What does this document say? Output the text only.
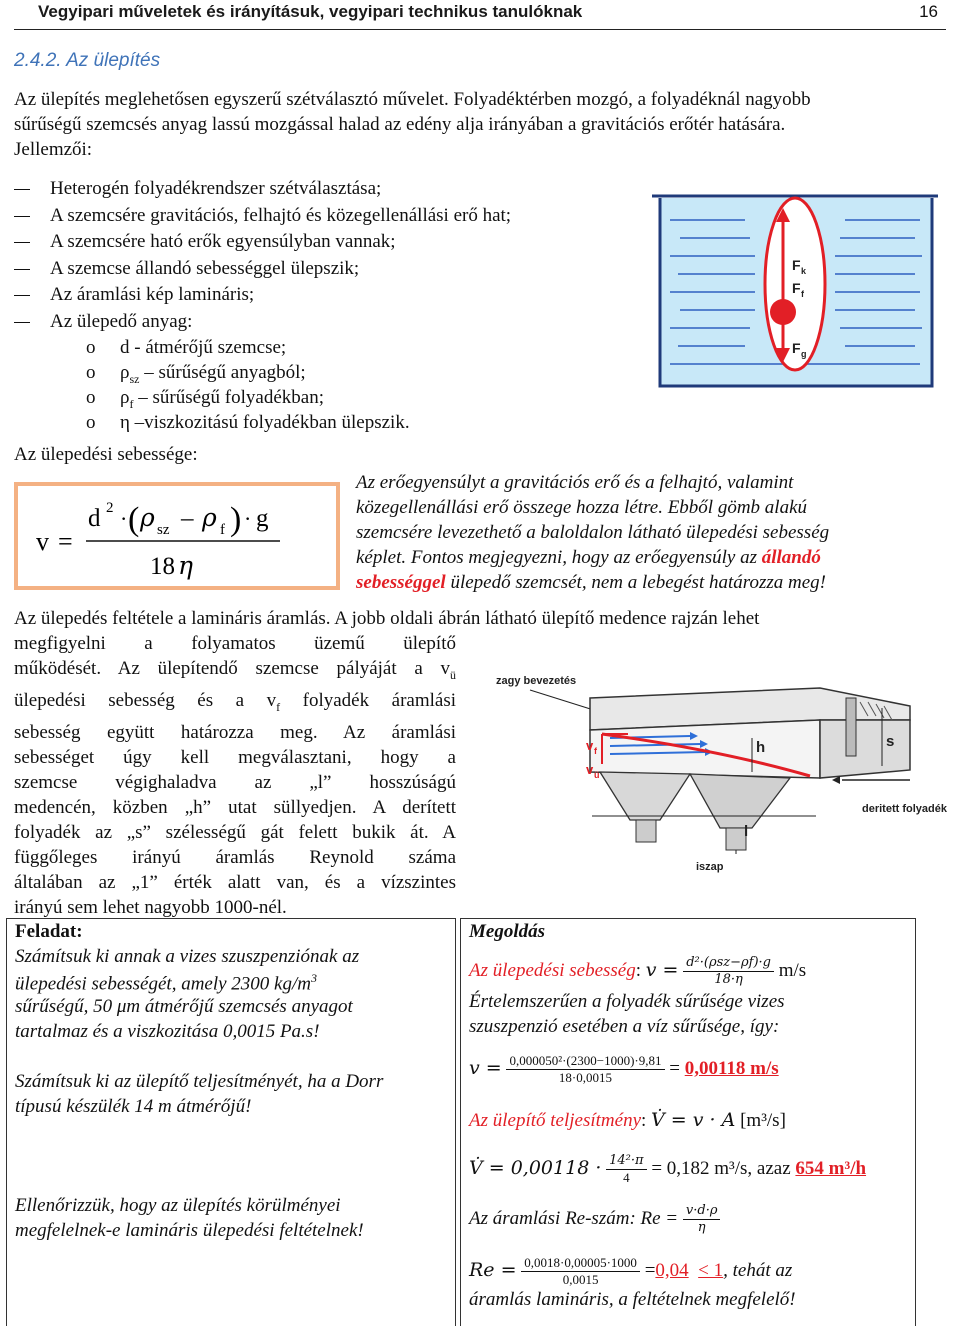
Vegyipari műveletek és irányításuk, vegyipari technikus tanulóknak	16
2.4.2. Az ülepítés
Az ülepítés meglehetősen egyszerű szétválasztó művelet. Folyadéktérben mozgó, a folyadéknál nagyobb
sűrűségű szemcsés anyag lassú mozgással halad az edény alja irányában a gravitációs erőtér hatására.
Jellemzői:
Heterogén folyadékrendszer szétválasztása;
A szemcsére gravitációs, felhajtó és közegellenállási erő hat;
A szemcsére ható erők egyensúlyban vannak;
A szemcse állandó sebességgel ülepszik;
Az áramlási kép lamináris;
Az ülepedő anyag:
o d - átmérőjű szemcse;
o $\rho_{sz}$ – sűrűségű anyagból;
o $\rho_f$ – sűrűségű folyadékban;
o η –viszkozitású folyadékban ülepszik.
F k
F f
F g
Az ülepedési sebessége:
v =
d 2 · ( ρ sz – ρ f ) · g
18 η
Az erőegyensúlyt a gravitációs erő és a felhajtó, valamint
közegellenállási erő összege hozza létre. Ebből gömb alakú
szemcsére levezethető a baloldalon látható ülepedési sebesség
képlet. Fontos megjegyezni, hogy az erőegyensúly az állandó
sebességgel ülepedő szemcsét, nem a lebegést határozza meg!
Az ülepedés feltétele a lamináris áramlás. A jobb oldali ábrán látható ülepítő medence rajzán lehet
megfigyelni a folyamatos üzemű ülepítő
működését. Az ülepítendő szemcse pályáját a $v_ü$
ülepedési sebesség és a $v_f$ folyadék áramlási
sebesség együtt határozza meg. Az áramlási
sebességet úgy kell megválasztani, hogy a
szemcse végighaladva az „l” hosszúságú
medencén, közben „h” utat süllyedjen. A derített
folyadék az „s” szélességű gát felett bukik át. A
függőleges irányú áramlás Reynold száma
általában az „1” érték alatt van, és a vízszintes
irányú sem lehet nagyobb 1000-nél.
zagy bevezetés
l
h	s
v f
v ü
deritett folyadék
iszap
Feladat:
Számítsuk ki annak a vizes szuszpenziónak az
ülepedési sebességét, amely 2300 $kg/m^3$
sűrűségű, 50 μm átmérőjű szemcsés anyagot
tartalmaz és a viszkozitása 0,0015 Pa.s!
Számítsuk ki az ülepítő teljesítményét, ha a Dorr
típusú készülék 14 m átmérőjű!
Ellenőrizzük, hogy az ülepítés körülményei
megfelelnek-e lamináris ülepedési feltételnek!
Megoldás
Az ülepedési sebesség: $v = \frac{\text{d²·(ρsz−ρf)·g}}{18\cdot\eta} m/s$
Értelemszerűen a folyadék sűrűsége vizes
szuszpenzió esetében a víz sűrűsége, így:
$v = \frac{\text{0,000050²·(2300−1000)·9,81}}{18\cdot 0,0015} = 0,00118$ m/s
Az ülepítő teljesítmény: V̇ = v · A [m³/s]
V̇ = $0,00118 \cdot \frac{\text{14²·π}}{4} = 0,182$ m³/s, azaz 654 m³/h
Az áramlási Re-szám: $Re = \frac{v\cdot d\cdot\rho}{\eta}$
$Re = \frac{0,0018\cdot 0,00005\cdot 1000}{0,0015} =0,04 < 1$, tehát az
áramlás lamináris, a feltételnek megfelelő!
